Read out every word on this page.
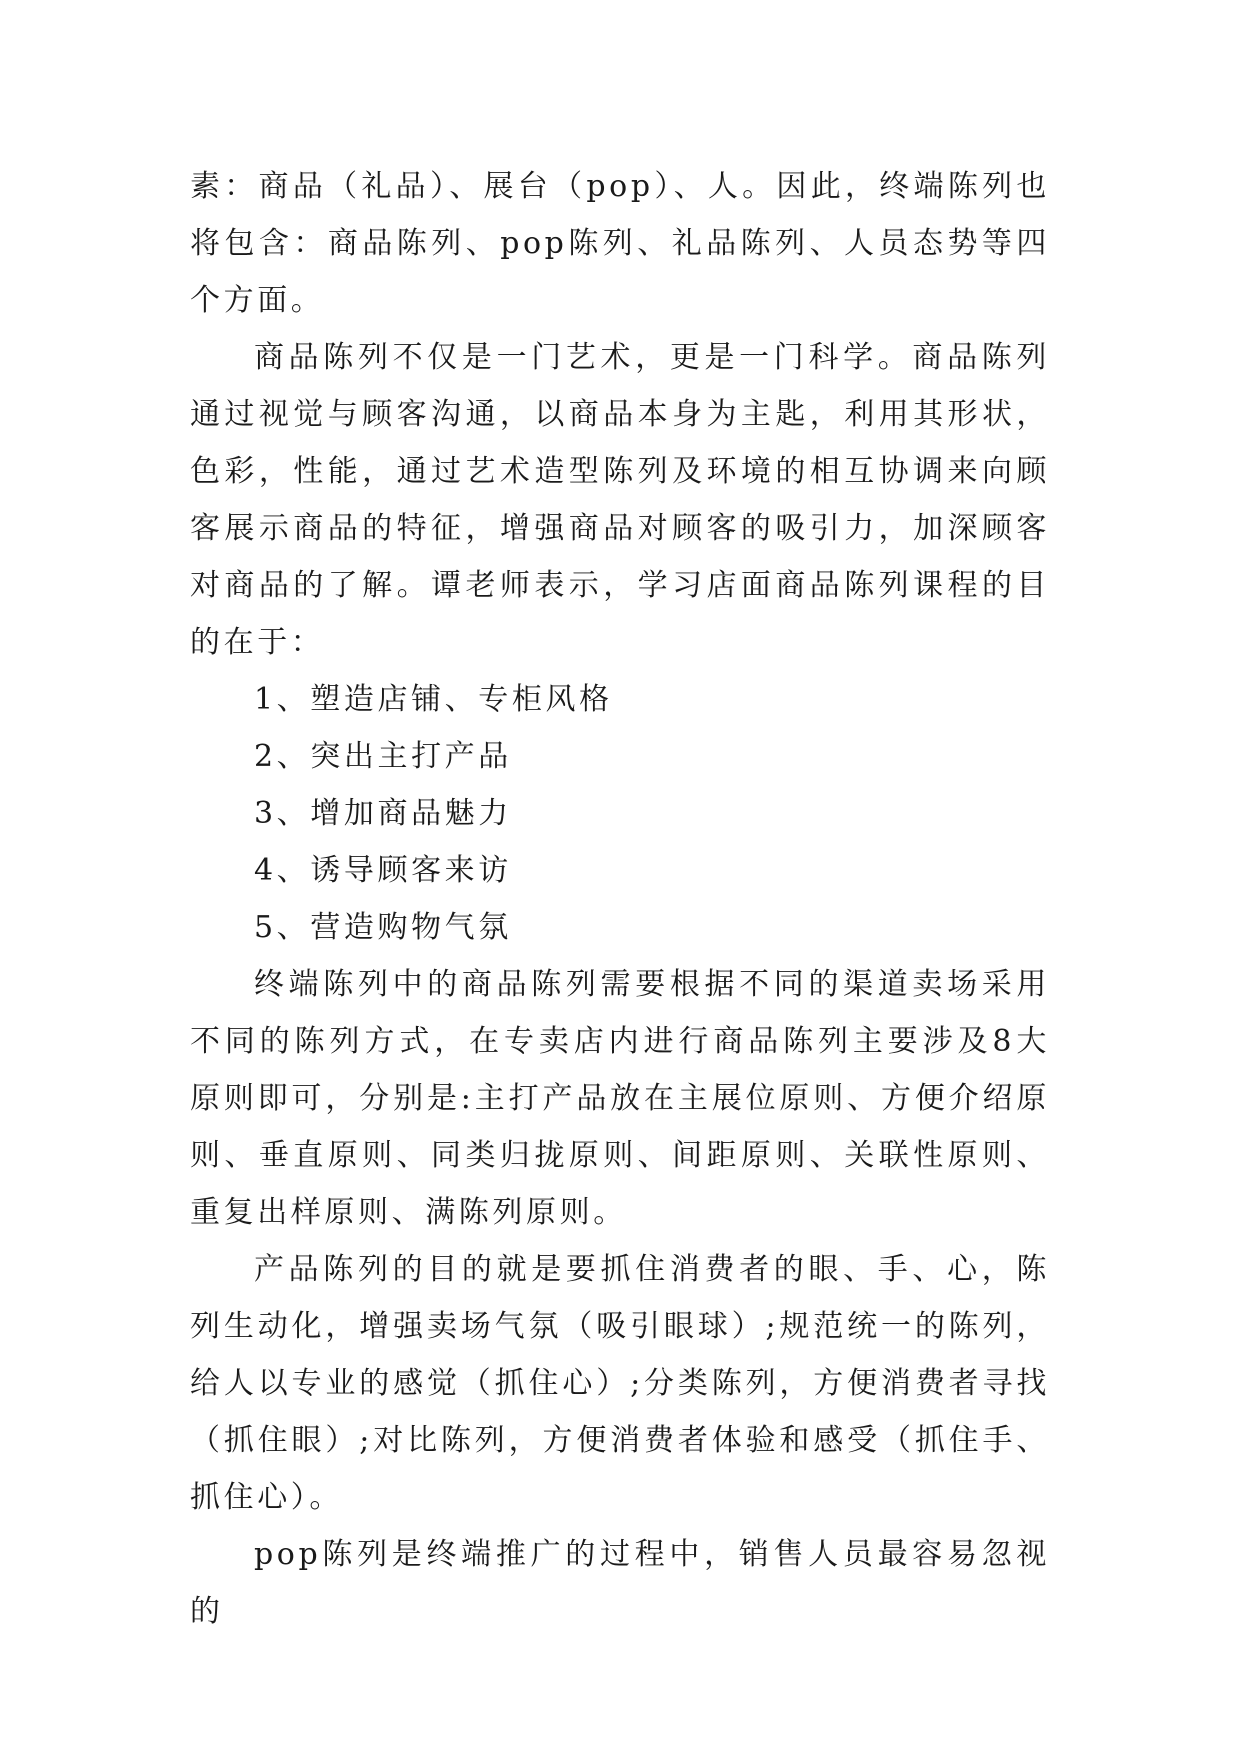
素：商品（礼品）、展台（pop）、人。因此，终端陈列也将包含：商品陈列、pop陈列、礼品陈列、人员态势等四个方面。

商品陈列不仅是一门艺术，更是一门科学。商品陈列通过视觉与顾客沟通，以商品本身为主匙，利用其形状，色彩，性能，通过艺术造型陈列及环境的相互协调来向顾客展示商品的特征，增强商品对顾客的吸引力，加深顾客对商品的了解。谭老师表示，学习店面商品陈列课程的目的在于：

1、塑造店铺、专柜风格

2、突出主打产品

3、增加商品魅力

4、诱导顾客来访

5、营造购物气氛

终端陈列中的商品陈列需要根据不同的渠道卖场采用不同的陈列方式，在专卖店内进行商品陈列主要涉及8大原则即可，分别是:主打产品放在主展位原则、方便介绍原则、垂直原则、同类归拢原则、间距原则、关联性原则、重复出样原则、满陈列原则。

产品陈列的目的就是要抓住消费者的眼、手、心，陈列生动化，增强卖场气氛（吸引眼球）;规范统一的陈列，给人以专业的感觉（抓住心）;分类陈列，方便消费者寻找（抓住眼）;对比陈列，方便消费者体验和感受（抓住手、抓住心）。

pop陈列是终端推广的过程中，销售人员最容易忽视的
